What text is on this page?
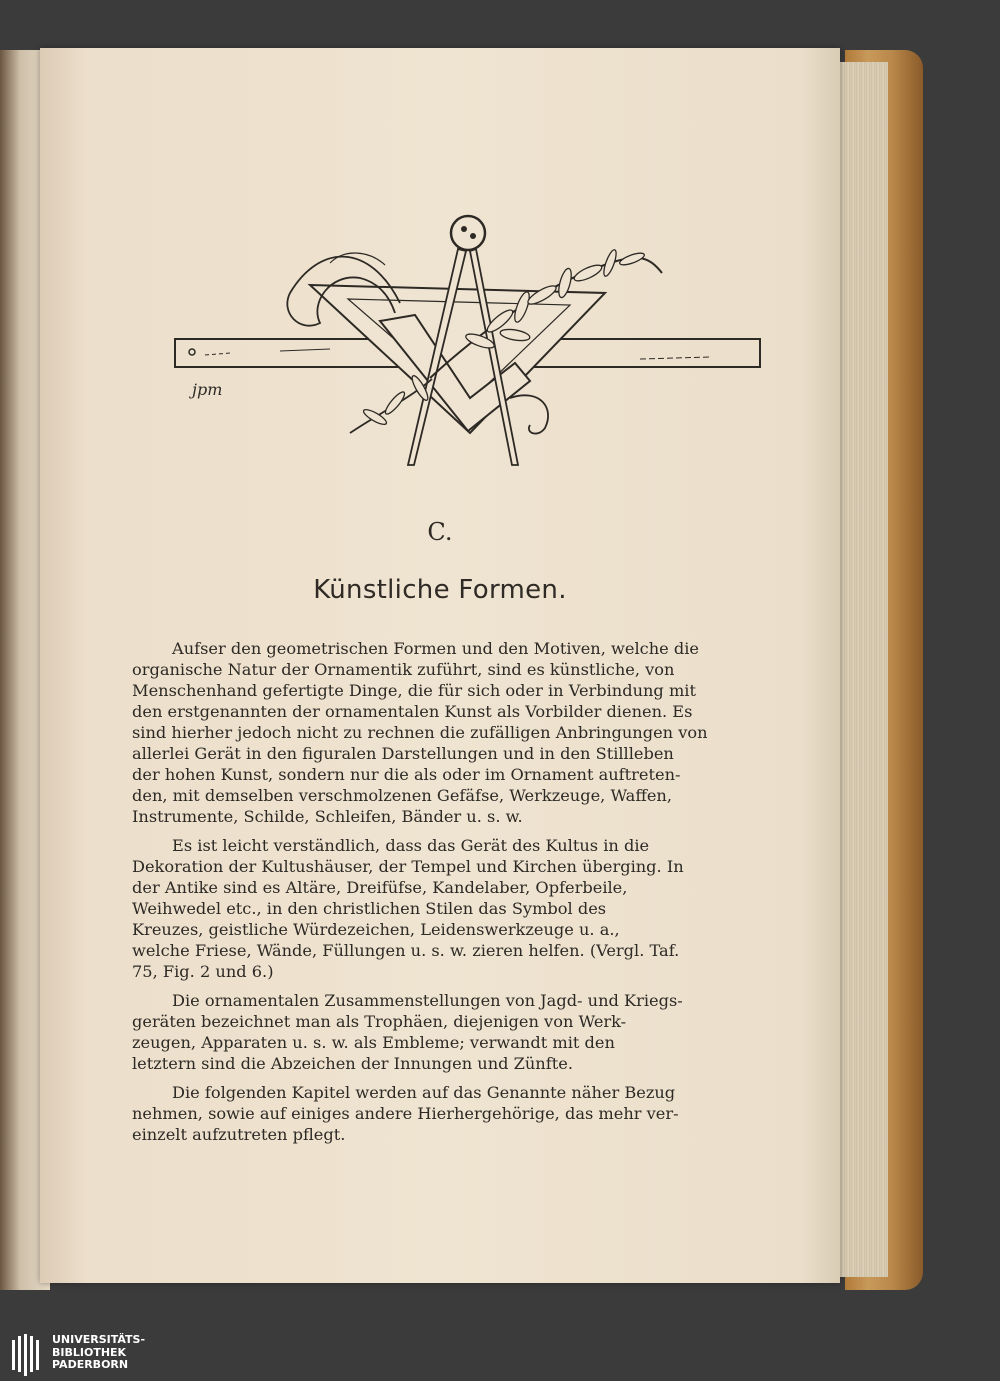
jpm
C.
Künstliche Formen.

Aufser den geometrischen Formen und den Motiven, welche die
organische Natur der Ornamentik zuführt, sind es künstliche, von
Menschenhand gefertigte Dinge, die für sich oder in Verbindung mit
den erstgenannten der ornamentalen Kunst als Vorbilder dienen. Es
sind hierher jedoch nicht zu rechnen die zufälligen Anbringungen von
allerlei Gerät in den figuralen Darstellungen und in den Stillleben
der hohen Kunst, sondern nur die als oder im Ornament auftreten-
den, mit demselben verschmolzenen Gefäfse, Werkzeuge, Waffen,
Instrumente, Schilde, Schleifen, Bänder u. s. w.

Es ist leicht verständlich, dass das Gerät des Kultus in die
Dekoration der Kultushäuser, der Tempel und Kirchen überging. In
der Antike sind es Altäre, Dreifüfse, Kandelaber, Opferbeile,
Weihwedel etc., in den christlichen Stilen das Symbol des
Kreuzes, geistliche Würdezeichen, Leidenswerkzeuge u. a.,
welche Friese, Wände, Füllungen u. s. w. zieren helfen. (Vergl. Taf.
75, Fig. 2 und 6.)

Die ornamentalen Zusammenstellungen von Jagd- und Kriegs-
geräten bezeichnet man als Trophäen, diejenigen von Werk-
zeugen, Apparaten u. s. w. als Embleme; verwandt mit den
letztern sind die Abzeichen der Innungen und Zünfte.

Die folgenden Kapitel werden auf das Genannte näher Bezug
nehmen, sowie auf einiges andere Hierhergehörige, das mehr ver-
einzelt aufzutreten pflegt.

UNIVERSITÄTS-
BIBLIOTHEK
PADERBORN
